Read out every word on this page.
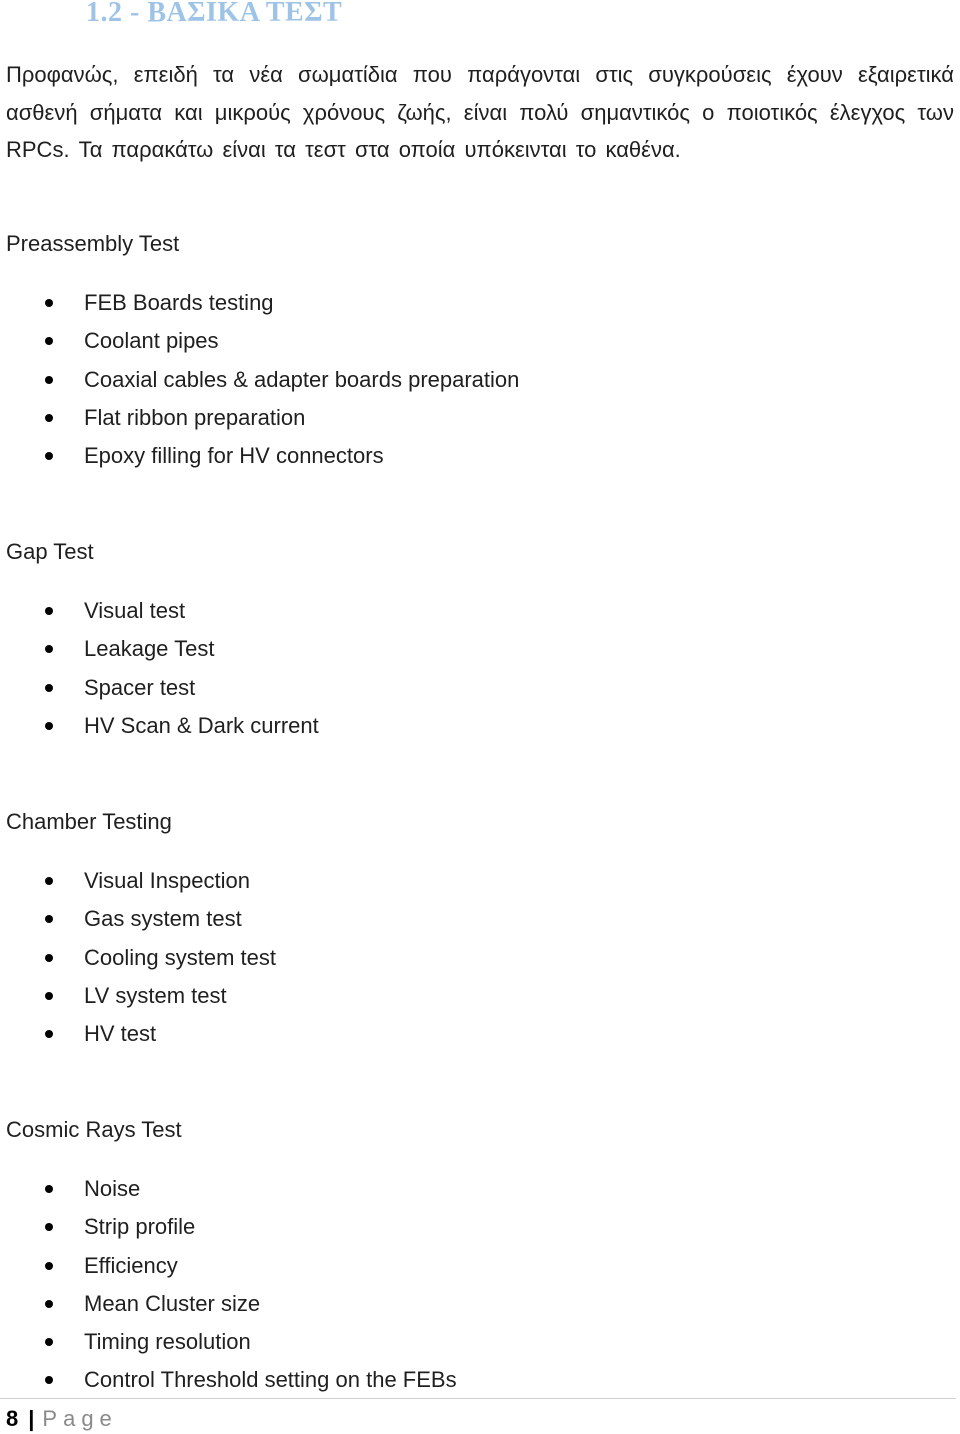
1.2 - ΒΑΣΙΚΑ ΤΕΣΤ

Προφανώς, επειδή τα νέα σωματίδια που παράγονται στις συγκρούσεις έχουν εξαιρετικά ασθενή σήματα και μικρούς χρόνους ζωής, είναι πολύ σημαντικός ο ποιοτικός έλεγχος των RPCs. Τα παρακάτω είναι τα τεστ στα οποία υπόκεινται το καθένα.

Preassembly Test
FEB Boards testing
Coolant pipes
Coaxial cables & adapter boards preparation
Flat ribbon preparation
Epoxy filling for HV connectors
Gap Test
Visual test
Leakage Test
Spacer test
HV Scan & Dark current
Chamber Testing
Visual Inspection
Gas system test
Cooling system test
LV system test
HV test
Cosmic Rays Test
Noise
Strip profile
Efficiency
Mean Cluster size
Timing resolution
Control Threshold setting on the FEBs
8 | Page
